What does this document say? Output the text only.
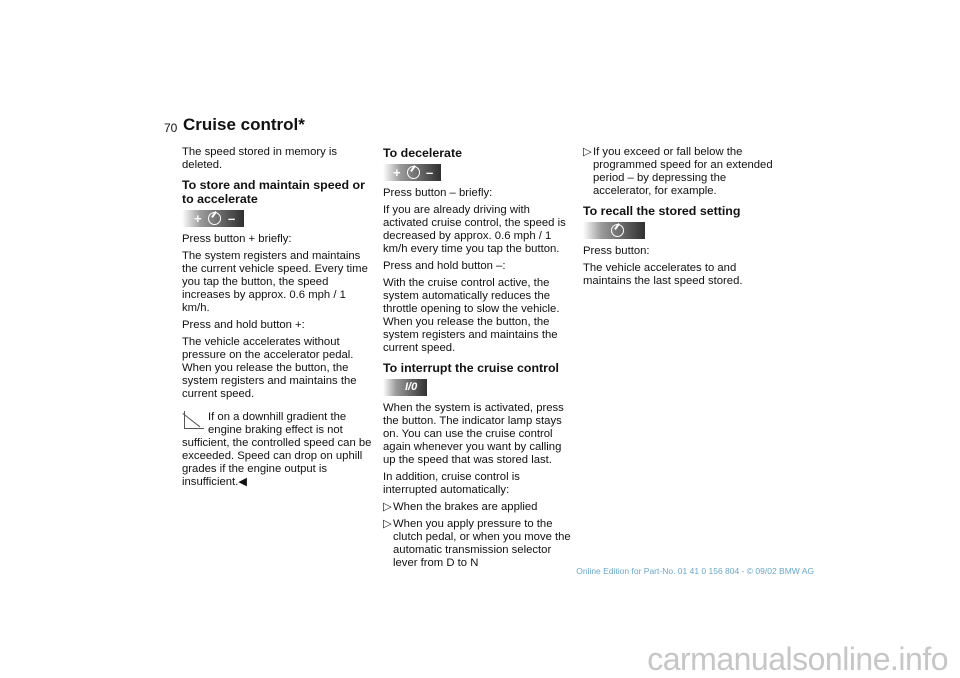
70 Cruise control*

The speed stored in memory is deleted.

To store and maintain speed or to accelerate
+ –

Press button + briefly:

The system registers and maintains the current vehicle speed. Every time you tap the button, the speed increases by approx. 0.6 mph / 1 km/h.

Press and hold button +:

The vehicle accelerates without pressure on the accelerator pedal. When you release the button, the system registers and maintains the current speed.

If on a downhill gradient the engine braking effect is not sufficient, the controlled speed can be exceeded. Speed can drop on uphill grades if the engine output is insufficient.◀

To decelerate
+ –

Press button – briefly:

If you are already driving with activated cruise control, the speed is decreased by approx. 0.6 mph / 1 km/h every time you tap the button.

Press and hold button –:

With the cruise control active, the system automatically reduces the throttle opening to slow the vehicle. When you release the button, the system registers and maintains the current speed.

To interrupt the cruise control
I/0

When the system is activated, press the button. The indicator lamp stays on. You can use the cruise control again whenever you want by calling up the speed that was stored last.

In addition, cruise control is interrupted automatically:

▷ When the brakes are applied

▷ When you apply pressure to the clutch pedal, or when you move the automatic transmission selector lever from D to N

▷ If you exceed or fall below the programmed speed for an extended period – by depressing the accelerator, for example.

To recall the stored setting

Press button:

The vehicle accelerates to and maintains the last speed stored.

Online Edition for Part-No. 01 41 0 156 804 - © 09/02 BMW AG
carmanualsonline.info
